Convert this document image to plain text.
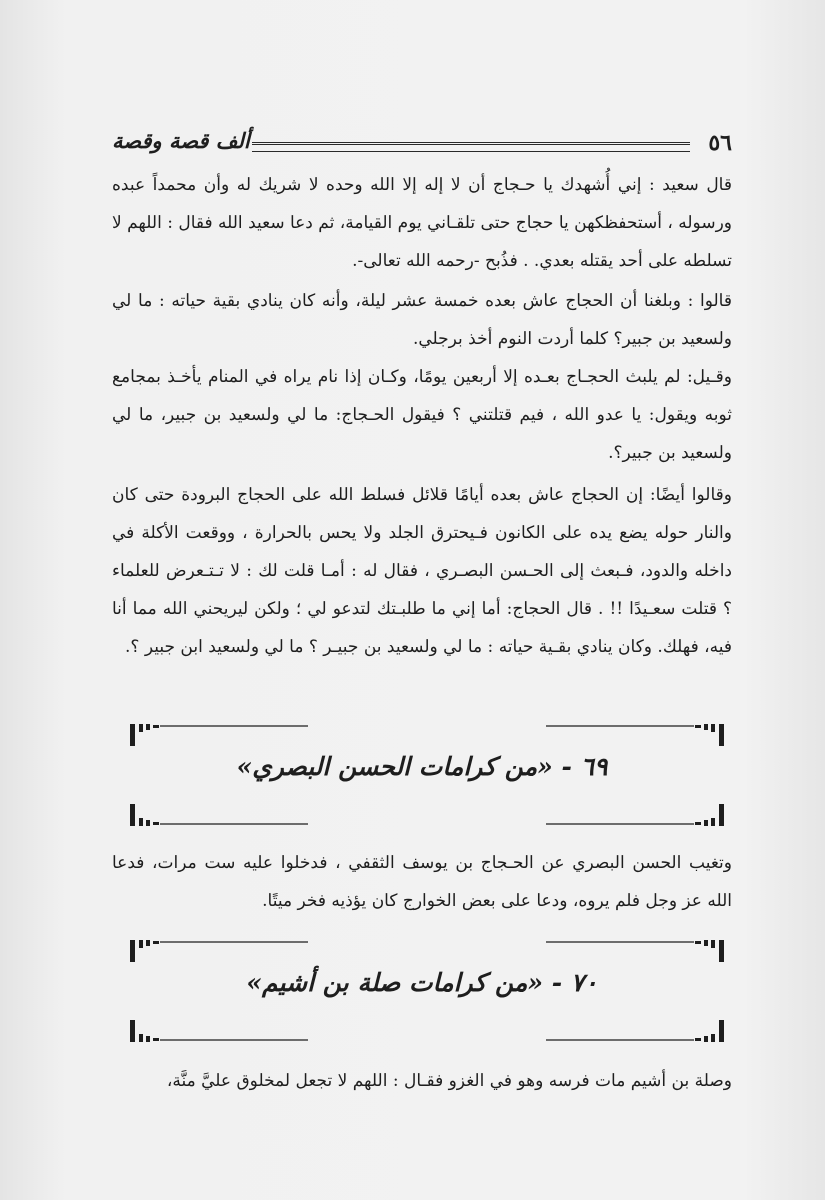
ألف قصة وقصة	٥٦
قال سعيد : إني أُشهدك يا حـجاج أن لا إله إلا الله وحده لا شريك له وأن محمداً عبده ورسوله ، أستحفظكهن يا حجاج حتى تلقـاني يوم القيامة، ثم دعا سعيد الله فقال : اللهم لا تسلطه على أحد يقتله بعدي. . فذُبح -رحمه الله تعالى-.
قالوا : وبلغنا أن الحجاج عاش بعده خمسة عشر ليلة، وأنه كان ينادي بقية حياته : ما لي ولسعيد بن جبير؟ كلما أردت النوم أخذ برجلي.
وقـيل: لم يلبث الحجـاج بعـده إلا أربعين يومًا، وكـان إذا نام يراه في المنام يأخـذ بمجامع ثوبه ويقول: يا عدو الله ، فيم قتلتني ؟ فيقول الحـجاج: ما لي ولسعيد بن جبير، ما لي ولسعيد بن جبير؟.
وقالوا أيضًا: إن الحجاج عاش بعده أيامًا قلائل فسلط الله على الحجاج البرودة حتى كان والنار حوله يضع يده على الكانون فـيحترق الجلد ولا يحس بالحرارة ، ووقعت الأكلة في داخله والدود، فـبعث إلى الحـسن البصـري ، فقال له : أمـا قلت لك : لا تـتـعرض للعلماء ؟ قتلت سعـيدًا !! . قال الحجاج: أما إني ما طلبـتك لتدعو لي ؛ ولكن ليريحني الله مما أنا فيه، فهلك. وكان ينادي بقـية حياته : ما لي ولسعيد بن جبيـر ؟ ما لي ولسعيد ابن جبير ؟.
٦٩ - «من كرامات الحسن البصري»
وتغيب الحسن البصري عن الحـجاج بن يوسف الثقفي ، فدخلوا عليه ست مرات، فدعا الله عز وجل فلم يروه، ودعا على بعض الخوارج كان يؤذيه فخر ميتًا.
٧٠ - «من كرامات صلة بن أشيم»
وصلة بن أشيم مات فرسه وهو في الغزو فقـال : اللهم لا تجعل لمخلوق عليَّ منَّة،
